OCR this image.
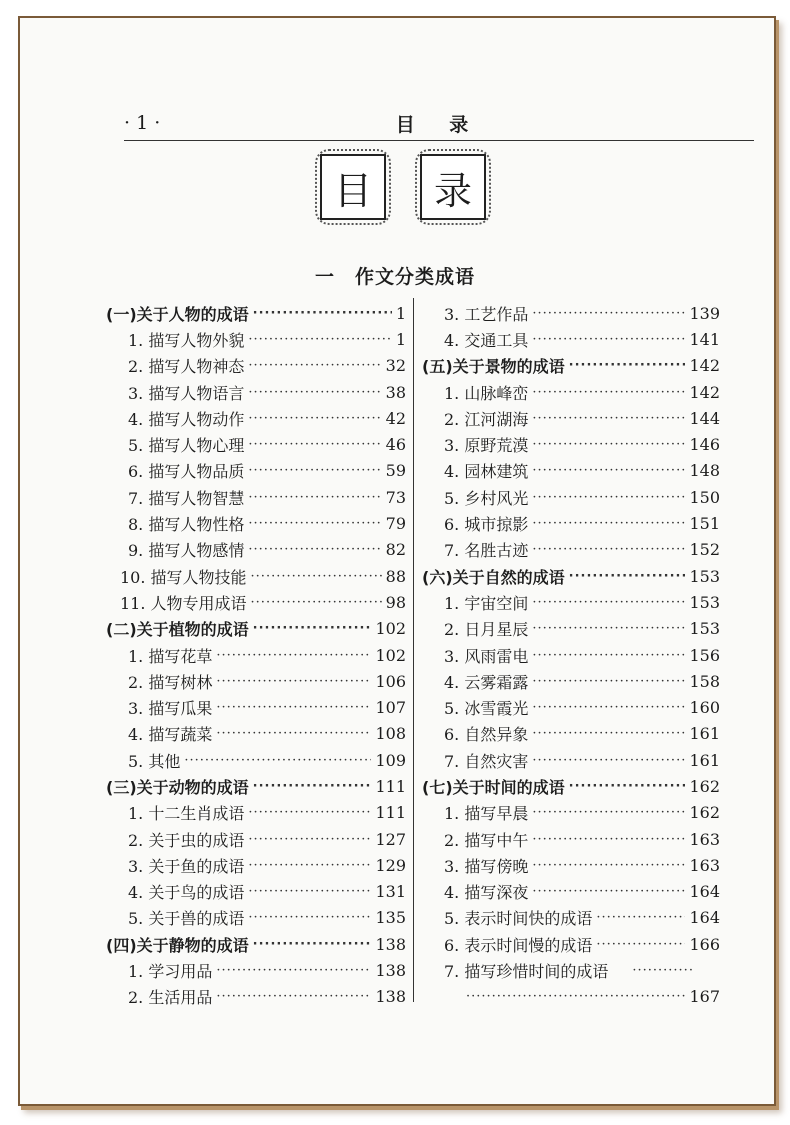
· 1 ·	目 录
目	录
一　作文分类成语
(一)关于人物的成语 ·····	1
1. 描写人物外貌 ·····	1
2. 描写人物神态 ·····	32
3. 描写人物语言 ·····	38
4. 描写人物动作 ·····	42
5. 描写人物心理 ·····	46
6. 描写人物品质 ·····	59
7. 描写人物智慧 ·····	73
8. 描写人物性格 ·····	79
9. 描写人物感情 ·····	82
10. 描写人物技能 ·····	88
11. 人物专用成语 ·····	98
(二)关于植物的成语 ·····	102
1. 描写花草 ·····	102
2. 描写树林 ·····	106
3. 描写瓜果 ·····	107
4. 描写蔬菜 ·····	108
5. 其他 ·····	109
(三)关于动物的成语 ·····	111
1. 十二生肖成语 ·····	111
2. 关于虫的成语 ·····	127
3. 关于鱼的成语 ·····	129
4. 关于鸟的成语 ·····	131
5. 关于兽的成语 ·····	135
(四)关于静物的成语 ·····	138
1. 学习用品 ·····	138
2. 生活用品 ·····	138
3. 工艺作品 ·····	139
4. 交通工具 ·····	141
(五)关于景物的成语 ·····	142
1. 山脉峰峦 ·····	142
2. 江河湖海 ·····	144
3. 原野荒漠 ·····	146
4. 园林建筑 ·····	148
5. 乡村风光 ·····	150
6. 城市掠影 ·····	151
7. 名胜古迹 ·····	152
(六)关于自然的成语 ·····	153
1. 宇宙空间 ·····	153
2. 日月星辰 ·····	153
3. 风雨雷电 ·····	156
4. 云雾霜露 ·····	158
5. 冰雪霞光 ·····	160
6. 自然异象 ·····	161
7. 自然灾害 ·····	161
(七)关于时间的成语 ·····	162
1. 描写早晨 ·····	162
2. 描写中午 ·····	163
3. 描写傍晚 ·····	163
4. 描写深夜 ·····	164
5. 表示时间快的成语 ·····	164
6. 表示时间慢的成语 ·····	166
7. 描写珍惜时间的成语
·····
·····
167
